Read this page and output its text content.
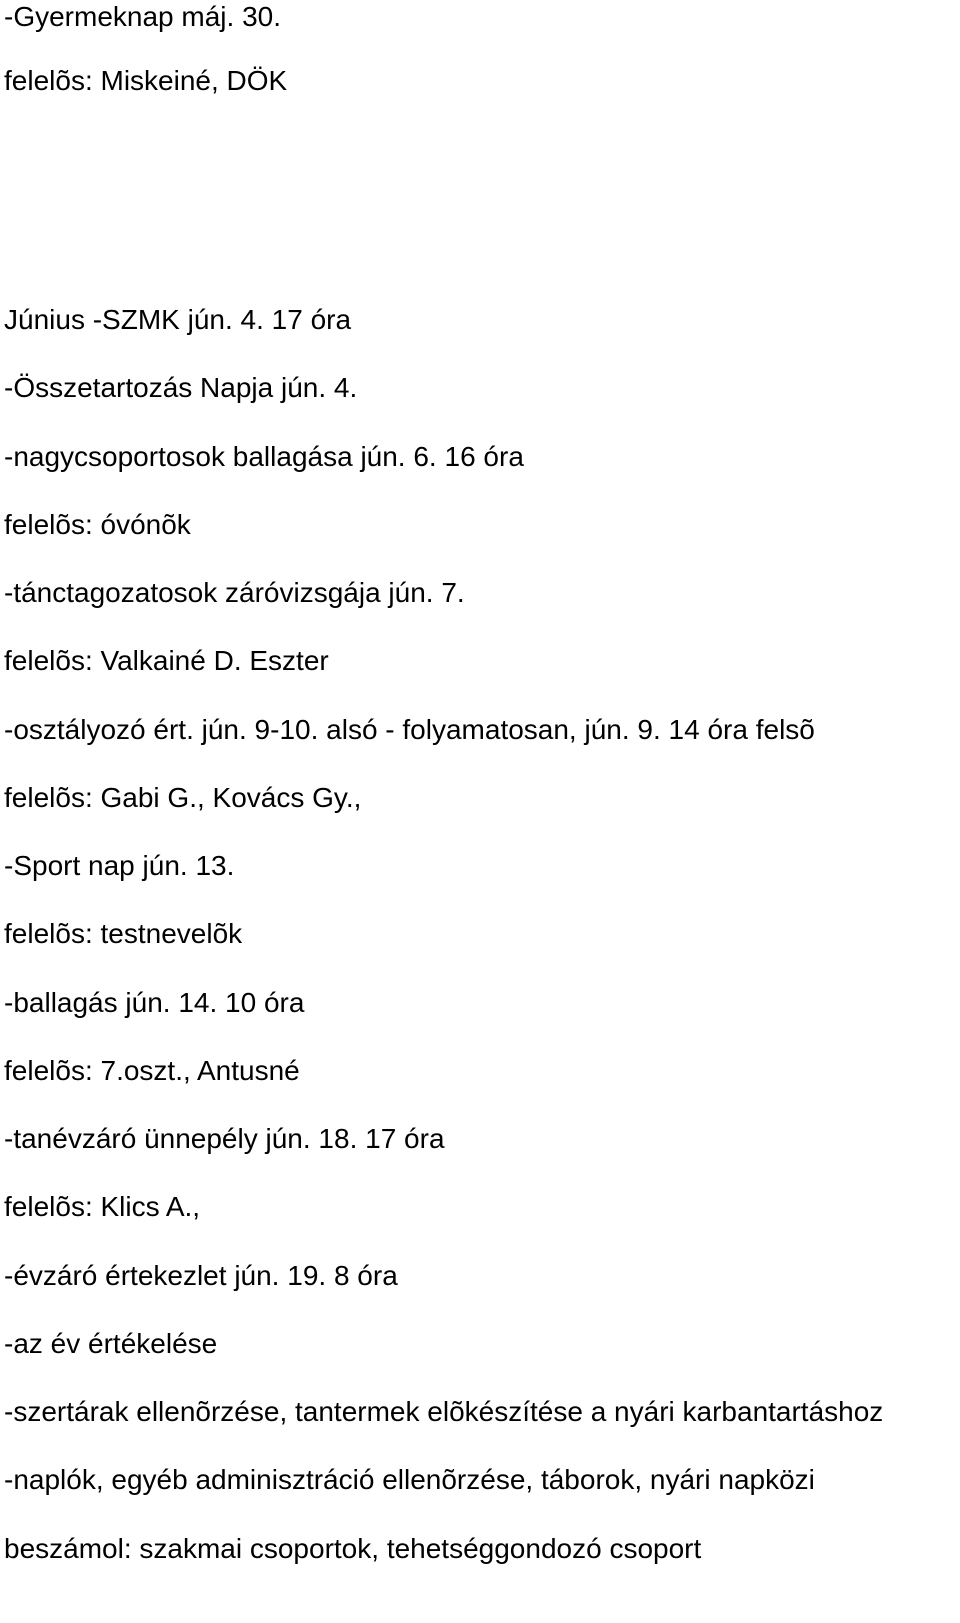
-Gyermeknap máj. 30.

felelõs: Miskeiné, DÖK

Június -SZMK jún. 4. 17 óra

-Összetartozás Napja jún. 4.

-nagycsoportosok ballagása jún. 6. 16 óra

felelõs: óvónõk

-tánctagozatosok záróvizsgája jún. 7.

felelõs: Valkainé D. Eszter

-osztályozó ért. jún. 9-10. alsó - folyamatosan, jún. 9. 14 óra felsõ

felelõs: Gabi G., Kovács Gy.,

-Sport nap jún. 13.

felelõs: testnevelõk

-ballagás jún. 14. 10 óra

felelõs: 7.oszt., Antusné

-tanévzáró ünnepély jún. 18. 17 óra

felelõs: Klics A.,

-évzáró értekezlet jún. 19. 8 óra

-az év értékelése

-szertárak ellenõrzése, tantermek elõkészítése a nyári karbantartáshoz

-naplók, egyéb adminisztráció ellenõrzése, táborok, nyári napközi

beszámol: szakmai csoportok, tehetséggondozó csoport
